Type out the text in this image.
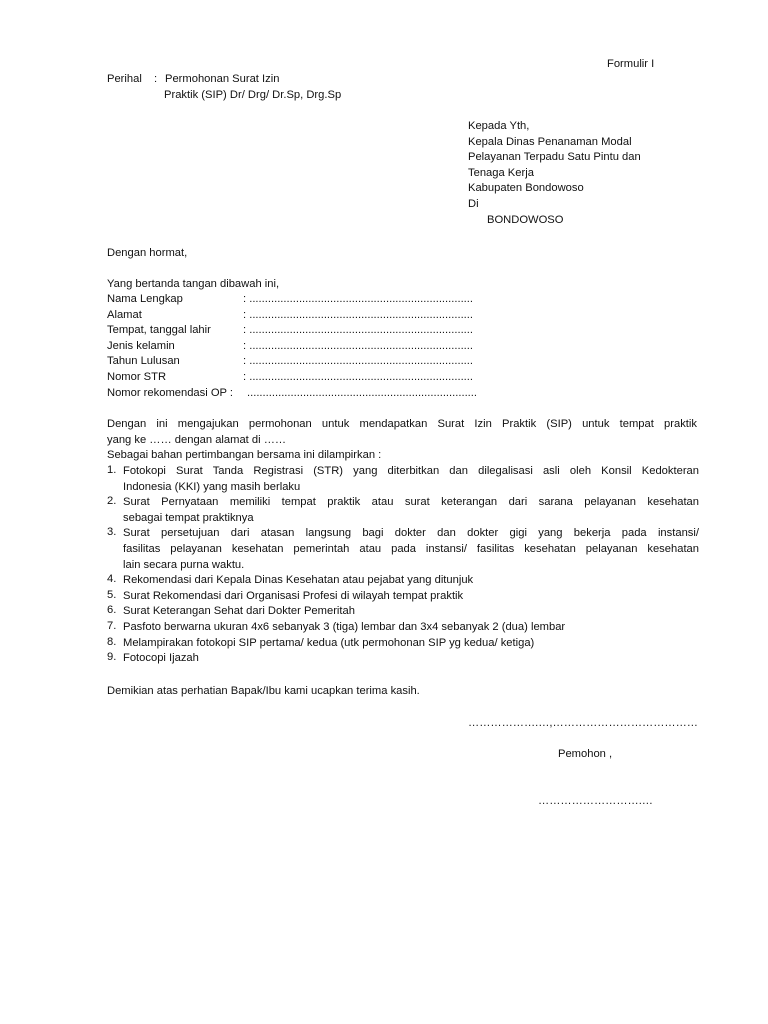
Formulir I
Perihal : Permohonan Surat Izin
Praktik (SIP) Dr/ Drg/ Dr.Sp, Drg.Sp
Kepada Yth,
Kepala Dinas Penanaman Modal
Pelayanan Terpadu Satu Pintu dan
Tenaga Kerja
Kabupaten Bondowoso
Di
BONDOWOSO
Dengan hormat,
Yang bertanda tangan dibawah ini,
Nama Lengkap	: ........................................................................
Alamat	: ........................................................................
Tempat, tanggal lahir	: ........................................................................
Jenis kelamin	: ........................................................................
Tahun Lulusan	: ........................................................................
Nomor STR	: ........................................................................
Nomor rekomendasi OP : ..........................................................................
Dengan ini mengajukan permohonan untuk mendapatkan Surat Izin Praktik (SIP) untuk tempat praktik
yang ke …… dengan alamat di ……
Sebagai bahan pertimbangan bersama ini dilampirkan :
1. Fotokopi Surat Tanda Registrasi (STR) yang diterbitkan dan dilegalisasi asli oleh Konsil Kedokteran
Indonesia (KKI) yang masih berlaku
2. Surat Pernyataan memiliki tempat praktik atau surat keterangan dari sarana pelayanan kesehatan
sebagai tempat praktiknya
3. Surat persetujuan dari atasan langsung bagi dokter dan dokter gigi yang bekerja pada instansi/
fasilitas pelayanan kesehatan pemerintah atau pada instansi/ fasilitas kesehatan pelayanan kesehatan
lain secara purna waktu.
4. Rekomendasi dari Kepala Dinas Kesehatan atau pejabat yang ditunjuk
5. Surat Rekomendasi dari Organisasi Profesi di wilayah tempat praktik
6. Surat Keterangan Sehat dari Dokter Pemeritah
7. Pasfoto berwarna ukuran 4x6 sebanyak 3 (tiga) lembar dan 3x4 sebanyak 2 (dua) lembar
8. Melampirakan fotokopi SIP pertama/ kedua (utk permohonan SIP yg kedua/ ketiga)
9. Fotocopi Ijazah
Demikian atas perhatian Bapak/Ibu kami ucapkan terima kasih.
……………….…,…………………………………
Pemohon ,
……………………….…
